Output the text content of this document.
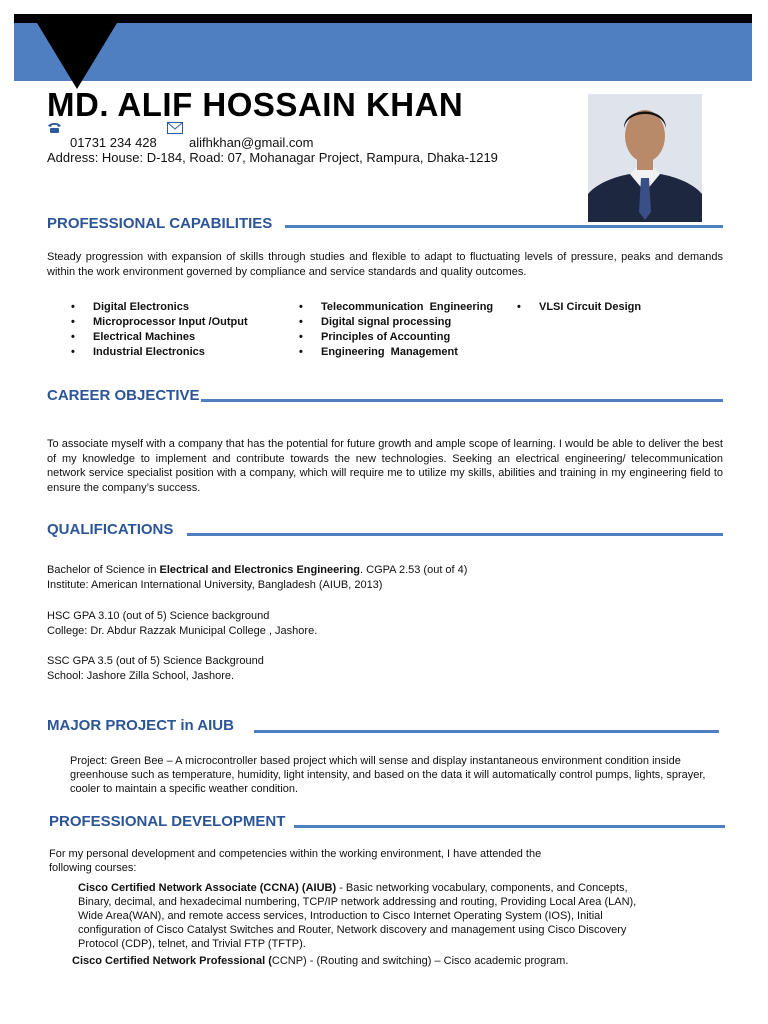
MD. ALIF HOSSAIN KHAN
01731 234 428 alifhkhan@gmail.com
Address: House: D-184, Road: 07, Mohanagar Project, Rampura, Dhaka-1219
PROFESSIONAL CAPABILITIES
Steady progression with expansion of skills through studies and flexible to adapt to fluctuating levels of pressure, peaks and demands within the work environment governed by compliance and service standards and quality outcomes.
• Digital Electronics
• Microprocessor Input /Output
• Electrical Machines
• Industrial Electronics
• Telecommunication  Engineering
• Digital signal processing
• Principles of Accounting
• Engineering  Management
• VLSI Circuit Design
CAREER OBJECTIVE
To associate myself with a company that has the potential for future growth and ample scope of learning. I would be able to deliver the best of my knowledge to implement and contribute towards the new technologies. Seeking an electrical engineering/ telecommunication network service specialist position with a company, which will require me to utilize my skills, abilities and training in my engineering field to ensure the company’s success.
QUALIFICATIONS
Bachelor of Science in Electrical and Electronics Engineering. CGPA 2.53 (out of 4)
Institute: American International University, Bangladesh (AIUB, 2013)
HSC GPA 3.10 (out of 5) Science background
College: Dr. Abdur Razzak Municipal College , Jashore.
SSC GPA 3.5 (out of 5) Science Background
School: Jashore Zilla School, Jashore.
MAJOR PROJECT in AIUB
Project: Green Bee – A microcontroller based project which will sense and display instantaneous environment condition inside greenhouse such as temperature, humidity, light intensity, and based on the data it will automatically control pumps, lights, sprayer, cooler to maintain a specific weather condition.
PROFESSIONAL DEVELOPMENT
For my personal development and competencies within the working environment, I have attended the following courses:
Cisco Certified Network Associate (CCNA) (AIUB) - Basic networking vocabulary, components, and Concepts, Binary, decimal, and hexadecimal numbering, TCP/IP network addressing and routing, Providing Local Area (LAN), Wide Area(WAN), and remote access services, Introduction to Cisco Internet Operating System (IOS), Initial configuration of Cisco Catalyst Switches and Router, Network discovery and management using Cisco Discovery Protocol (CDP), telnet, and Trivial FTP (TFTP).
Cisco Certified Network Professional (CCNP) - (Routing and switching) – Cisco academic program.
